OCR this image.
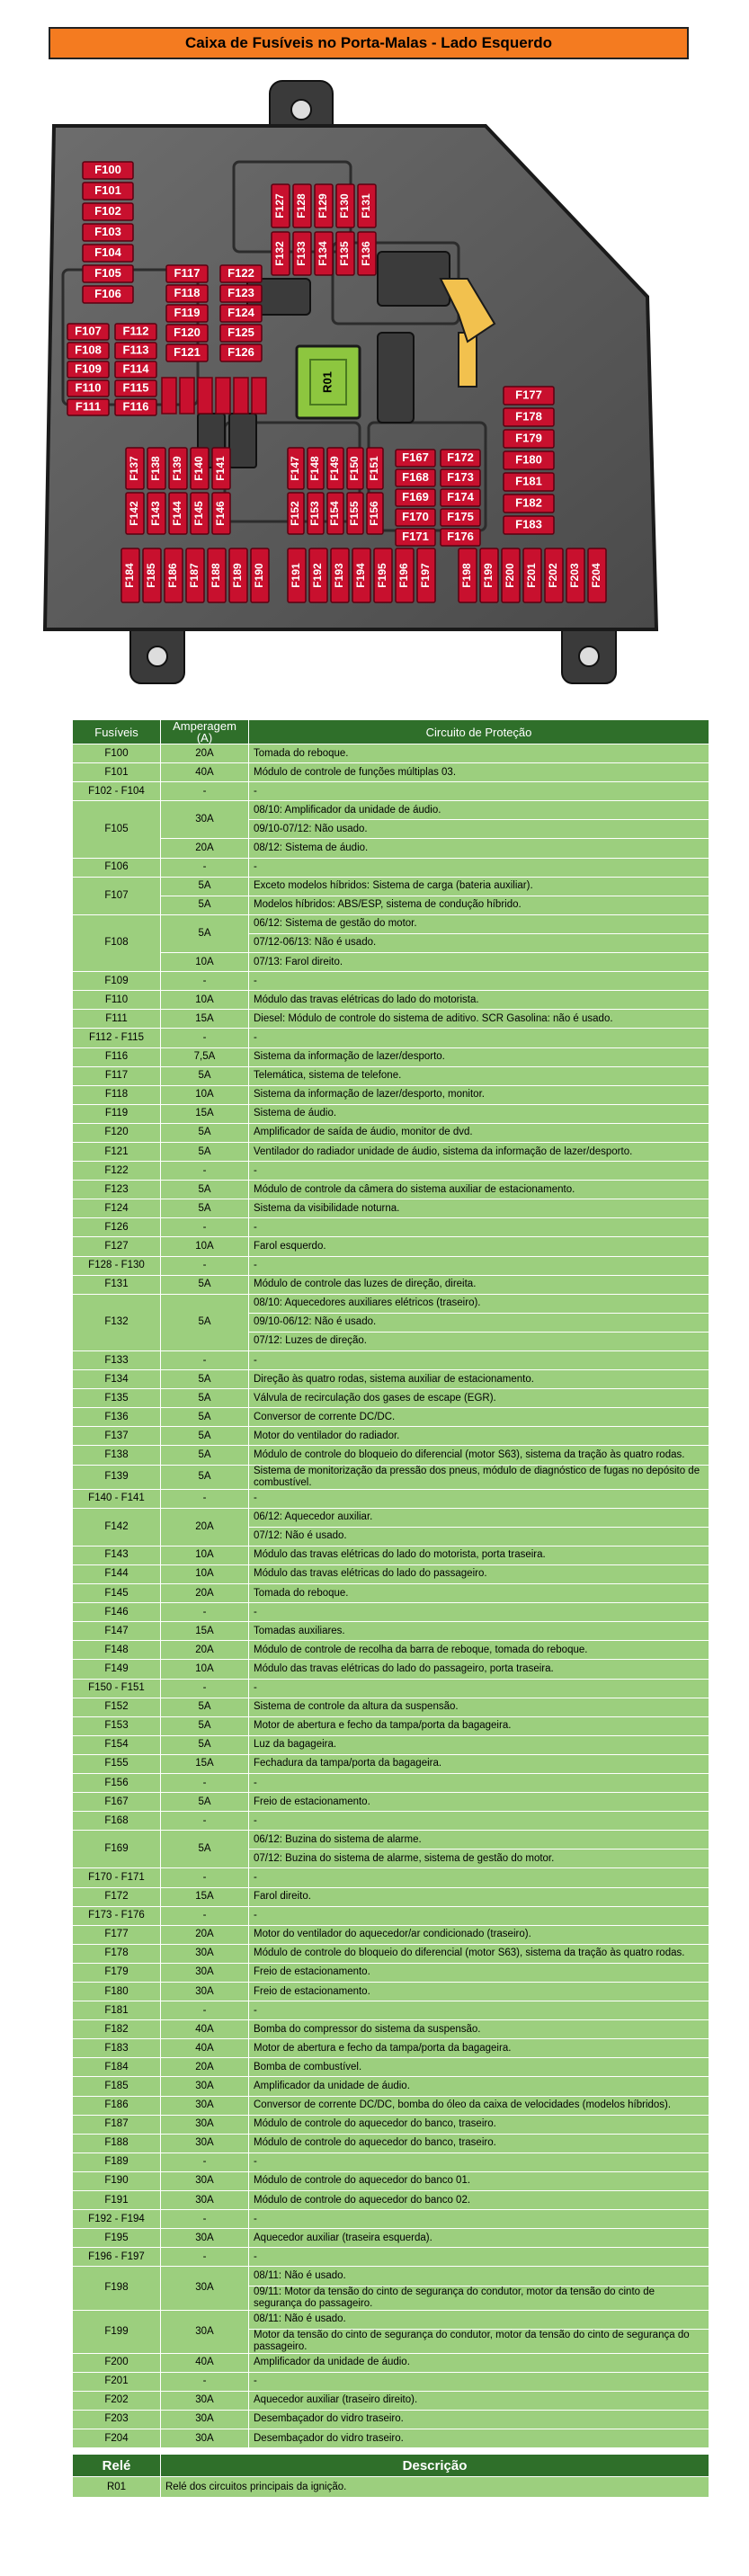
Caixa de Fusíveis no Porta-Malas - Lado Esquerdo
R01
F100
F101
F102
F103
F104
F105
F106
F107
F108
F109
F110
F111
F112
F113
F114
F115
F116
F117
F118
F119
F120
F121
F122
F123
F124
F125
F126
F127 F128 F129 F130 F131
F132 F133 F134 F135 F136
F137 F138 F139 F140 F141
F142 F143 F144 F145 F146
F147 F148 F149 F150 F151
F152 F153 F154 F155 F156
F167
F168
F169
F170
F171
F172
F173
F174
F175
F176
F177
F178
F179
F180
F181
F182
F183
F184 F185 F186 F187 F188 F189 F190 F191 F192 F193 F194 F195 F196 F197	F198 F199 F200 F201 F202 F203 F204
Fusíveis	Amperagem (A)	Circuito de Proteção
F100	20A	Tomada do reboque.
F101	40A	Módulo de controle de funções múltiplas 03.
F102 - F104	-	-
F105	30A	08/10: Amplificador da unidade de áudio.
		09/10-07/12: Não usado.
	20A	08/12: Sistema de áudio.
F106	-	-
F107	5A	Exceto modelos híbridos: Sistema de carga (bateria auxiliar).
	5A	Modelos híbridos: ABS/ESP, sistema de condução híbrido.
F108	5A	06/12: Sistema de gestão do motor.
		07/12-06/13: Não é usado.
	10A	07/13: Farol direito.
F109	-	-
F110	10A	Módulo das travas elétricas do lado do motorista.
F111	15A	Diesel: Módulo de controle do sistema de aditivo. SCR Gasolina: não é usado.
F112 - F115	-	-
F116	7,5A	Sistema da informação de lazer/desporto.
F117	5A	Telemática, sistema de telefone.
F118	10A	Sistema da informação de lazer/desporto, monitor.
F119	15A	Sistema de áudio.
F120	5A	Amplificador de saída de áudio, monitor de dvd.
F121	5A	Ventilador do radiador unidade de áudio, sistema da informação de lazer/desporto.
F122	-	-
F123	5A	Módulo de controle da câmera do sistema auxiliar de estacionamento.
F124	5A	Sistema da visibilidade noturna.
F126	-	-
F127	10A	Farol esquerdo.
F128 - F130	-	-
F131	5A	Módulo de controle das luzes de direção, direita.
F132	5A	08/10: Aquecedores auxiliares elétricos (traseiro).
		09/10-06/12: Não é usado.
		07/12: Luzes de direção.
F133	-	-
F134	5A	Direção às quatro rodas, sistema auxiliar de estacionamento.
F135	5A	Válvula de recirculação dos gases de escape (EGR).
F136	5A	Conversor de corrente DC/DC.
F137	5A	Motor do ventilador do radiador.
F138	5A	Módulo de controle do bloqueio do diferencial (motor S63), sistema da tração às quatro rodas.
F139	5A	Sistema de monitorização da pressão dos pneus, módulo de diagnóstico de fugas no depósito de combustível.
F140 - F141	-	-
F142	20A	06/12: Aquecedor auxiliar.
		07/12: Não é usado.
F143	10A	Módulo das travas elétricas do lado do motorista, porta traseira.
F144	10A	Módulo das travas elétricas do lado do passageiro.
F145	20A	Tomada do reboque.
F146	-	-
F147	15A	Tomadas auxiliares.
F148	20A	Módulo de controle de recolha da barra de reboque, tomada do reboque.
F149	10A	Módulo das travas elétricas do lado do passageiro, porta traseira.
F150 - F151	-	-
F152	5A	Sistema de controle da altura da suspensão.
F153	5A	Motor de abertura e fecho da tampa/porta da bagageira.
F154	5A	Luz da bagageira.
F155	15A	Fechadura da tampa/porta da bagageira.
F156	-	-
F167	5A	Freio de estacionamento.
F168	-	-
F169	5A	06/12: Buzina do sistema de alarme.
		07/12: Buzina do sistema de alarme, sistema de gestão do motor.
F170 - F171	-	-
F172	15A	Farol direito.
F173 - F176	-	-
F177	20A	Motor do ventilador do aquecedor/ar condicionado (traseiro).
F178	30A	Módulo de controle do bloqueio do diferencial (motor S63), sistema da tração às quatro rodas.
F179	30A	Freio de estacionamento.
F180	30A	Freio de estacionamento.
F181	-	-
F182	40A	Bomba do compressor do sistema da suspensão.
F183	40A	Motor de abertura e fecho da tampa/porta da bagageira.
F184	20A	Bomba de combustível.
F185	30A	Amplificador da unidade de áudio.
F186	30A	Conversor de corrente DC/DC, bomba do óleo da caixa de velocidades (modelos híbridos).
F187	30A	Módulo de controle do aquecedor do banco, traseiro.
F188	30A	Módulo de controle do aquecedor do banco, traseiro.
F189	-	-
F190	30A	Módulo de controle do aquecedor do banco 01.
F191	30A	Módulo de controle do aquecedor do banco 02.
F192 - F194	-	-
F195	30A	Aquecedor auxiliar (traseira esquerda).
F196 - F197	-	-
F198	30A	08/11: Não é usado.
		09/11: Motor da tensão do cinto de segurança do condutor, motor da tensão do cinto de segurança do passageiro.
F199	30A	08/11: Não é usado.
		Motor da tensão do cinto de segurança do condutor, motor da tensão do cinto de segurança do passageiro.
F200	40A	Amplificador da unidade de áudio.
F201	-	-
F202	30A	Aquecedor auxiliar (traseiro direito).
F203	30A	Desembaçador do vidro traseiro.
F204	30A	Desembaçador do vidro traseiro.
Relé	Descrição
R01	Relé dos circuitos principais da ignição.
